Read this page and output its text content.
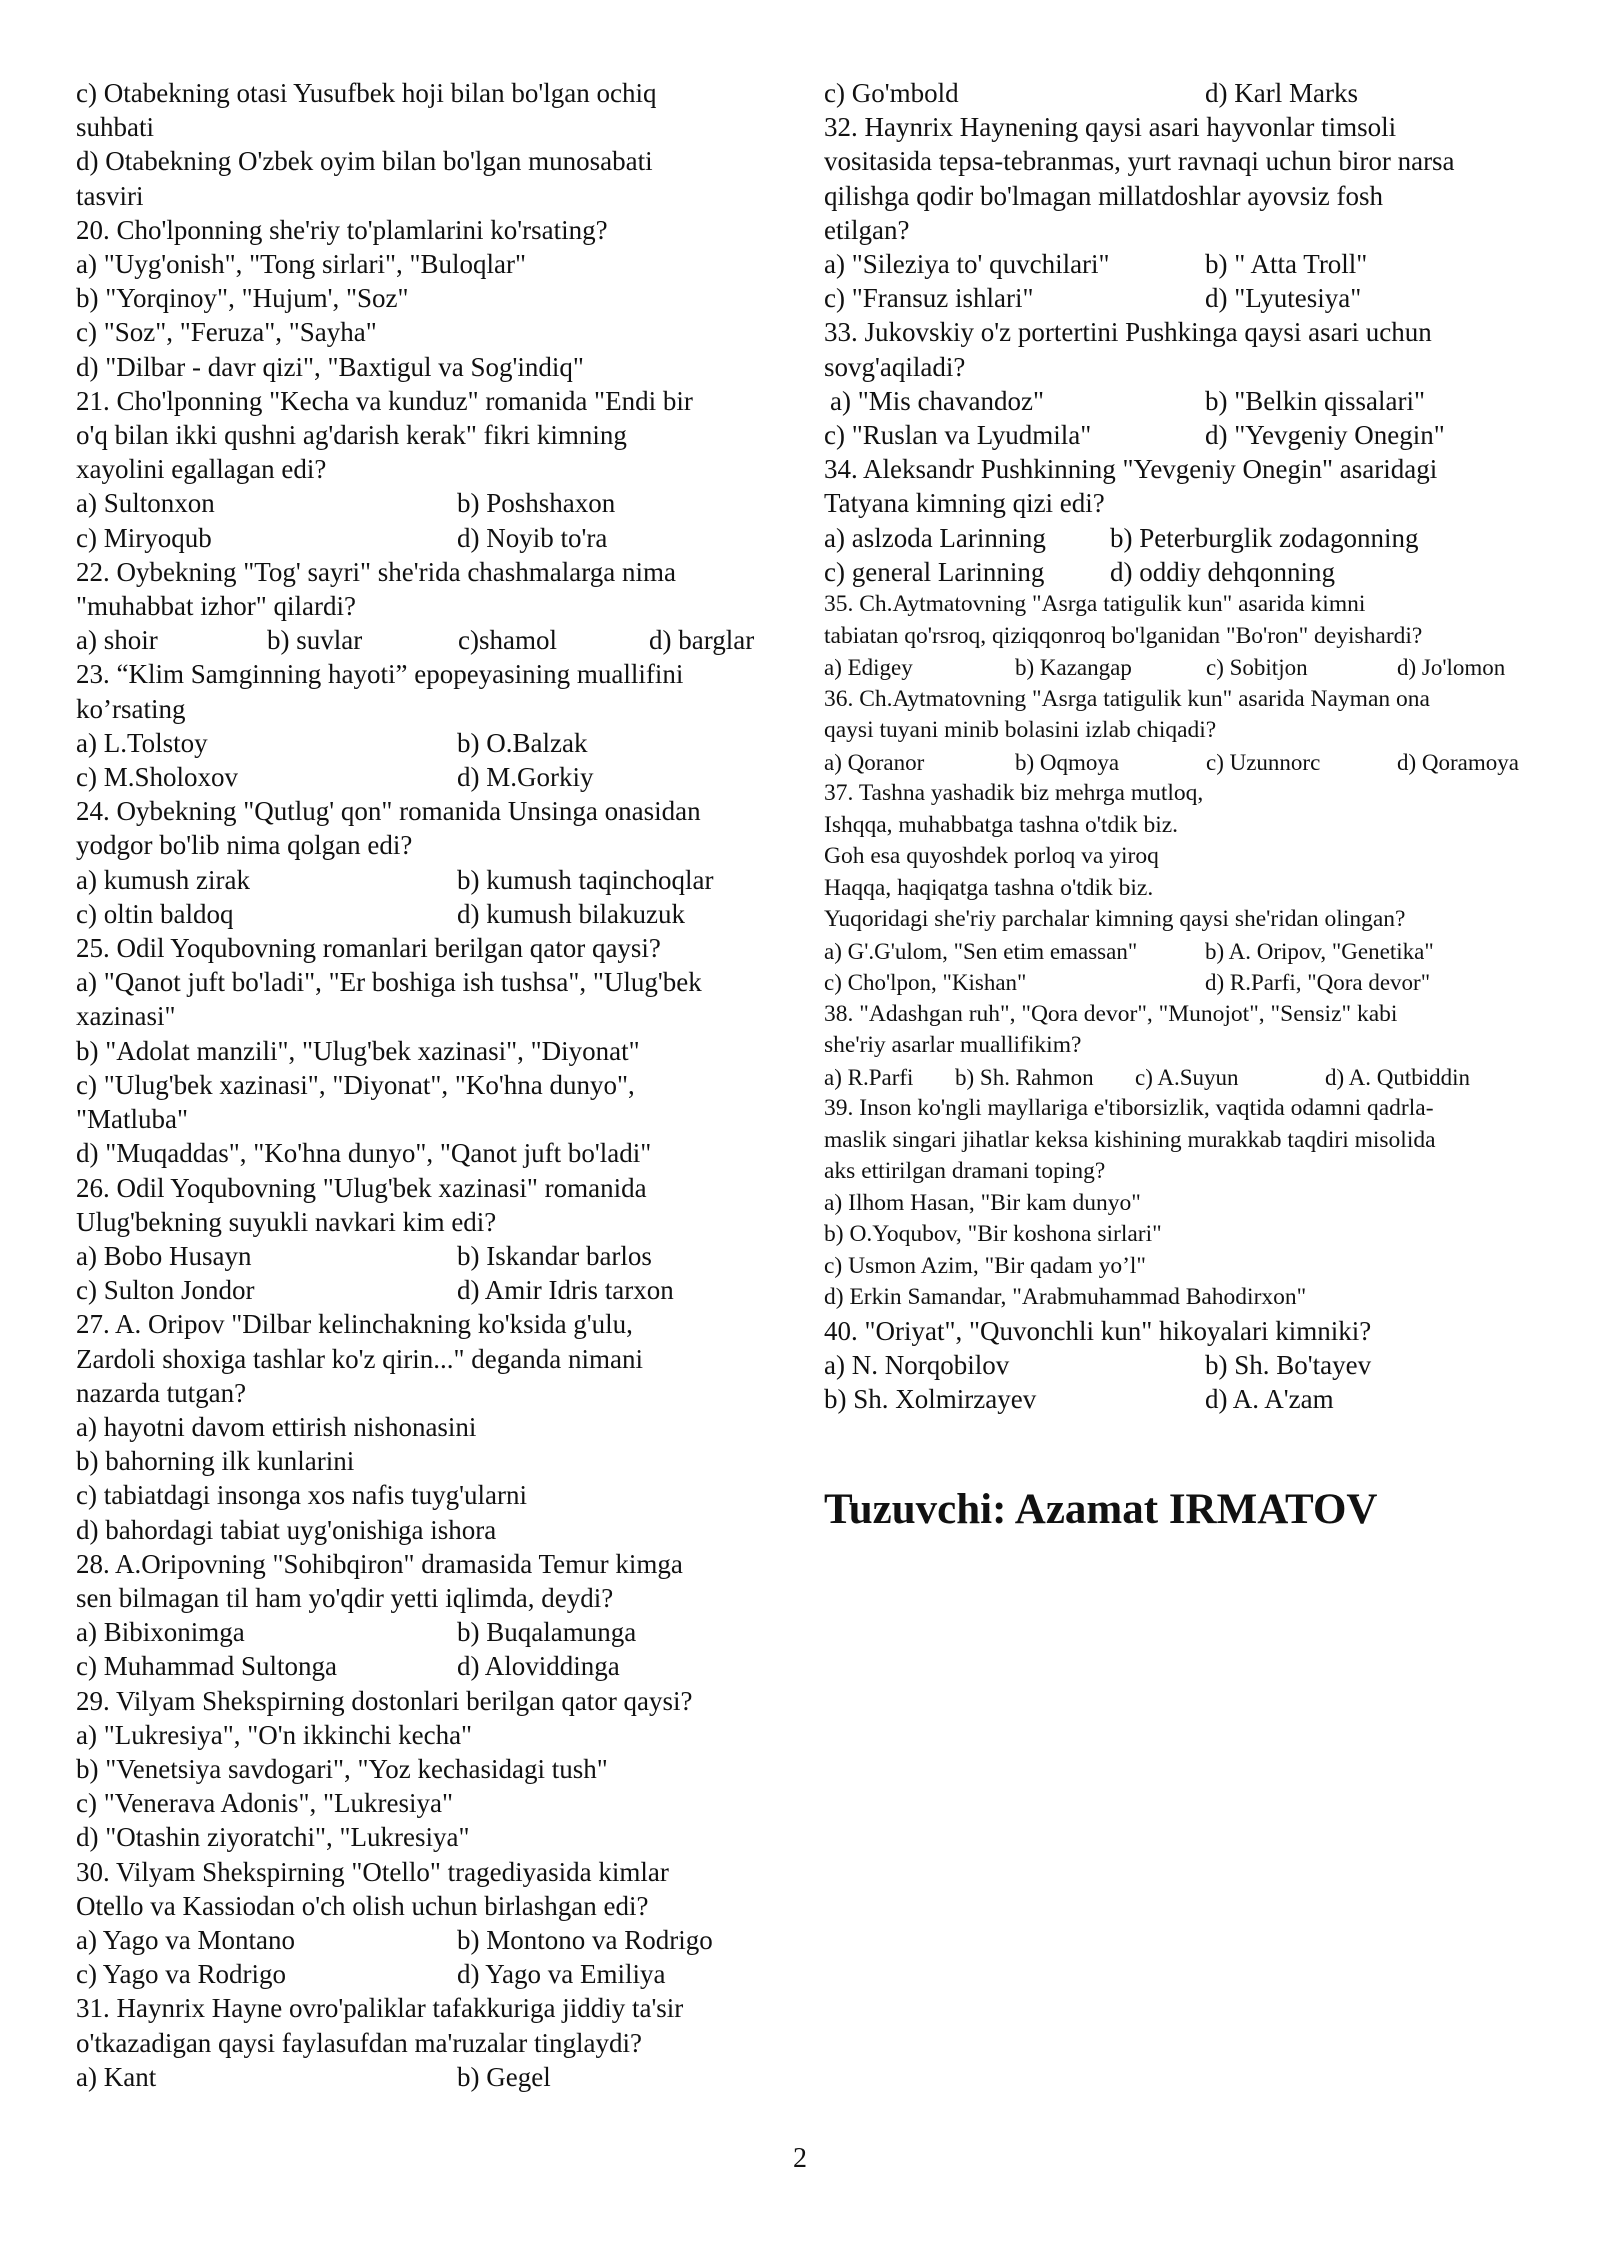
c) Otabekning otasi Yusufbek hoji bilan bo'lgan ochiq
suhbati
d) Otabekning O'zbek oyim bilan bo'lgan munosabati
tasviri
20. Cho'lponning she'riy to'plamlarini ko'rsating?
a) "Uyg'onish", "Tong sirlari", "Buloqlar"
b) "Yorqinoy", "Hujum', "Soz"
c) "Soz", "Feruza", "Sayha"
d) "Dilbar - davr qizi", "Baxtigul va Sog'indiq"
21. Cho'lponning "Kecha va kunduz" romanida "Endi bir
o'q bilan ikki qushni ag'darish kerak" fikri kimning
xayolini egallagan edi?
a) Sultonxon	b) Poshshaxon
c) Miryoqub	d) Noyib to'ra
22. Oybekning "Tog' sayri" she'rida chashmalarga nima
"muhabbat izhor" qilardi?
a) shoir	b) suvlar	c)shamol	d) barglar
23. “Klim Samginning hayoti” epopeyasining muallifini
ko’rsating
a) L.Tolstoy	b) O.Balzak
c) M.Sholoxov	d) M.Gorkiy
24. Oybekning "Qutlug' qon" romanida Unsinga onasidan
yodgor bo'lib nima qolgan edi?
a) kumush zirak	b) kumush taqinchoqlar
c) oltin baldoq	d) kumush bilakuzuk
25. Odil Yoqubovning romanlari berilgan qator qaysi?
a) "Qanot juft bo'ladi", "Er boshiga ish tushsa", "Ulug'bek
xazinasi"
b) "Adolat manzili", "Ulug'bek xazinasi", "Diyonat"
c) "Ulug'bek xazinasi", "Diyonat", "Ko'hna dunyo",
"Matluba"
d) "Muqaddas", "Ko'hna dunyo", "Qanot juft bo'ladi"
26. Odil Yoqubovning "Ulug'bek xazinasi" romanida
Ulug'bekning suyukli navkari kim edi?
a) Bobo Husayn	b) Iskandar barlos
c) Sulton Jondor	d) Amir Idris tarxon
27. A. Oripov "Dilbar kelinchakning ko'ksida g'ulu,
Zardoli shoxiga tashlar ko'z qirin..." deganda nimani
nazarda tutgan?
a) hayotni davom ettirish nishonasini
b) bahorning ilk kunlarini
c) tabiatdagi insonga xos nafis tuyg'ularni
d) bahordagi tabiat uyg'onishiga ishora
28. A.Oripovning "Sohibqiron" dramasida Temur kimga
sen bilmagan til ham yo'qdir yetti iqlimda, deydi?
a) Bibixonimga	b) Buqalamunga
c) Muhammad Sultonga	d) Aloviddinga
29. Vilyam Shekspirning dostonlari berilgan qator qaysi?
a) "Lukresiya", "O'n ikkinchi kecha"
b) "Venetsiya savdogari", "Yoz kechasidagi tush"
c) "Venerava Adonis", "Lukresiya"
d) "Otashin ziyoratchi", "Lukresiya"
30. Vilyam Shekspirning "Otello" tragediyasida kimlar
Otello va Kassiodan o'ch olish uchun birlashgan edi?
a) Yago va Montano	b) Montono va Rodrigo
c) Yago va Rodrigo	d) Yago va Emiliya
31. Haynrix Hayne ovro'paliklar tafakkuriga jiddiy ta'sir
o'tkazadigan qaysi faylasufdan ma'ruzalar tinglaydi?
a) Kant	b) Gegel
c) Go'mbold	d) Karl Marks
32. Haynrix Haynening qaysi asari hayvonlar timsoli
vositasida tepsa-tebranmas, yurt ravnaqi uchun biror narsa
qilishga qodir bo'lmagan millatdoshlar ayovsiz fosh
etilgan?
a) "Sileziya to' quvchilari"	b) " Atta Troll"
c) "Fransuz ishlari"	d) "Lyutesiya"
33. Jukovskiy o'z portertini Pushkinga qaysi asari uchun
sovg'aqiladi?
a) "Mis chavandoz"	b) "Belkin qissalari"
c) "Ruslan va Lyudmila"	d) "Yevgeniy Onegin"
34. Aleksandr Pushkinning "Yevgeniy Onegin" asaridagi
Tatyana kimning qizi edi?
a) aslzoda Larinning	b) Peterburglik zodagonning
c) general Larinning	d) oddiy dehqonning
35. Ch.Aytmatovning "Asrga tatigulik kun" asarida kimni
tabiatan qo'rsroq, qiziqqonroq bo'lganidan "Bo'ron" deyishardi?
a) Edigey	b) Kazangap	c) Sobitjon	d) Jo'lomon
36. Ch.Aytmatovning "Asrga tatigulik kun" asarida Nayman ona
qaysi tuyani minib bolasini izlab chiqadi?
a) Qoranor	b) Oqmoya	c) Uzunnorc	d) Qoramoya
37. Tashna yashadik biz mehrga mutloq,
Ishqqa, muhabbatga tashna o'tdik biz.
Goh esa quyoshdek porloq va yiroq
Haqqa, haqiqatga tashna o'tdik biz.
Yuqoridagi she'riy parchalar kimning qaysi she'ridan olingan?
a) G'.G'ulom, "Sen etim emassan"	b) A. Oripov, "Genetika"
c) Cho'lpon, "Kishan"	d) R.Parfi, "Qora devor"
38. "Adashgan ruh", "Qora devor", "Munojot", "Sensiz" kabi
she'riy asarlar muallifikim?
a) R.Parfi	b) Sh. Rahmon	c) A.Suyun	d) A. Qutbiddin
39. Inson ko'ngli mayllariga e'tiborsizlik, vaqtida odamni qadrla-
maslik singari jihatlar keksa kishining murakkab taqdiri misolida
aks ettirilgan dramani toping?
a) Ilhom Hasan, "Bir kam dunyo"
b) O.Yoqubov, "Bir koshona sirlari"
c) Usmon Azim, "Bir qadam yo’l"
d) Erkin Samandar, "Arabmuhammad Bahodirxon"
40. "Oriyat", "Quvonchli kun" hikoyalari kimniki?
a) N. Norqobilov	b) Sh. Bo'tayev
b) Sh. Xolmirzayev	d) A. A'zam
Tuzuvchi: Azamat IRMATOV
2
